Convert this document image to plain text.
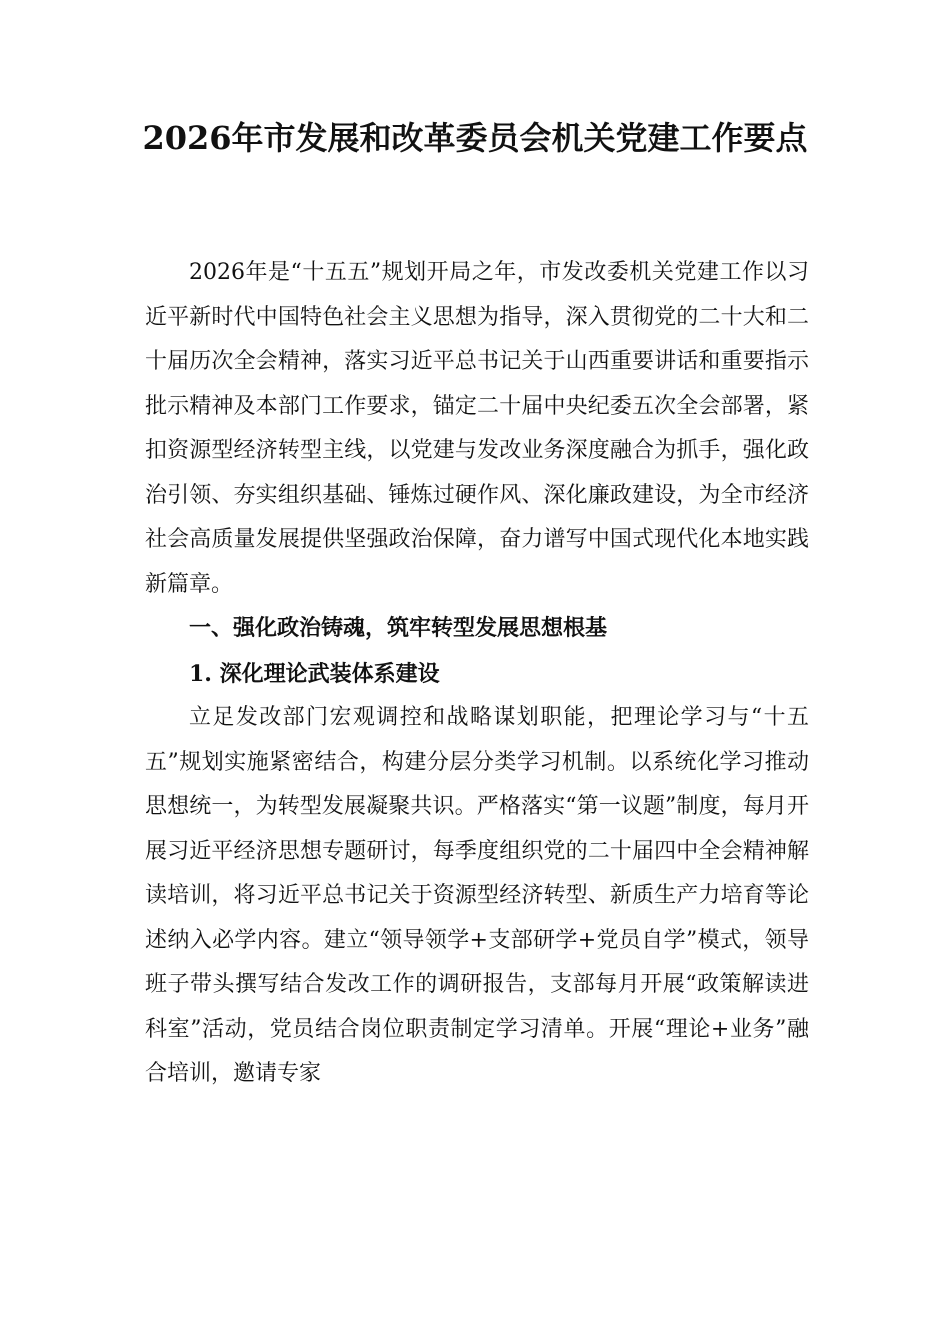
2026年市发展和改革委员会机关党建工作要点

2026年是“十五五”规划开局之年，市发改委机关党建工作以习近平新时代中国特色社会主义思想为指导，深入贯彻党的二十大和二十届历次全会精神，落实习近平总书记关于山西重要讲话和重要指示批示精神及本部门工作要求，锚定二十届中央纪委五次全会部署，紧扣资源型经济转型主线，以党建与发改业务深度融合为抓手，强化政治引领、夯实组织基础、锤炼过硬作风、深化廉政建设，为全市经济社会高质量发展提供坚强政治保障，奋力谱写中国式现代化本地实践新篇章。

一、强化政治铸魂，筑牢转型发展思想根基

1. 深化理论武装体系建设

立足发改部门宏观调控和战略谋划职能，把理论学习与“十五五”规划实施紧密结合，构建分层分类学习机制。以系统化学习推动思想统一，为转型发展凝聚共识。严格落实“第一议题”制度，每月开展习近平经济思想专题研讨，每季度组织党的二十届四中全会精神解读培训，将习近平总书记关于资源型经济转型、新质生产力培育等论述纳入必学内容。建立“领导领学+支部研学+党员自学”模式，领导班子带头撰写结合发改工作的调研报告，支部每月开展“政策解读进科室”活动，党员结合岗位职责制定学习清单。开展“理论+业务”融合培训，邀请专家
